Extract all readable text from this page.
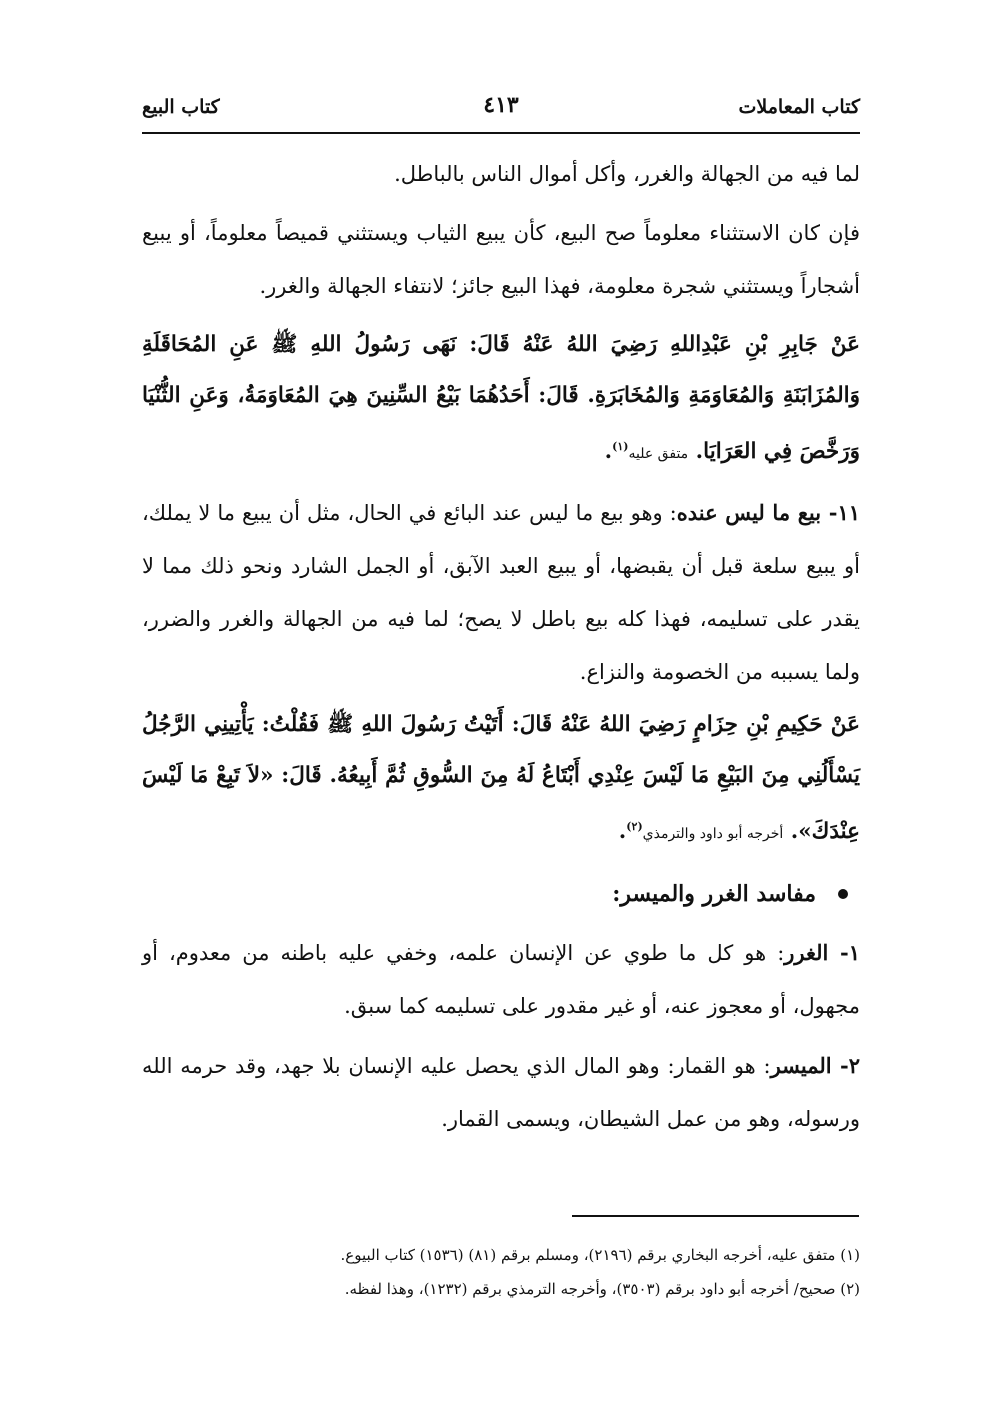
كتاب المعاملات
٤١٣
كتاب البيع

لما فيه من الجهالة والغرر، وأكل أموال الناس بالباطل.

فإن كان الاستثناء معلوماً صح البيع، كأن يبيع الثياب ويستثني قميصاً معلوماً، أو يبيع أشجاراً ويستثني شجرة معلومة، فهذا البيع جائز؛ لانتفاء الجهالة والغرر.

عَنْ جَابِرِ بْنِ عَبْدِاللهِ رَضِيَ اللهُ عَنْهُ قَالَ: نَهَى رَسُولُ اللهِ ﷺ عَنِ المُحَاقَلَةِ وَالمُزَابَنَةِ وَالمُعَاوَمَةِ وَالمُخَابَرَةِ. قَالَ: أَحَدُهُمَا بَيْعُ السِّنِينَ هِيَ المُعَاوَمَةُ، وَعَنِ الثُّنْيَا وَرَخَّصَ فِي العَرَايَا. متفق عليه$^{(١)}$.

١١- بيع ما ليس عنده: وهو بيع ما ليس عند البائع في الحال، مثل أن يبيع ما لا يملك، أو يبيع سلعة قبل أن يقبضها، أو يبيع العبد الآبق، أو الجمل الشارد ونحو ذلك مما لا يقدر على تسليمه، فهذا كله بيع باطل لا يصح؛ لما فيه من الجهالة والغرر والضرر، ولما يسببه من الخصومة والنزاع.

عَنْ حَكِيمِ بْنِ حِزَامٍ رَضِيَ اللهُ عَنْهُ قَالَ: أَتَيْتُ رَسُولَ اللهِ ﷺ فَقُلْتُ: يَأْتِينِي الرَّجُلُ يَسْأَلُنِي مِنَ البَيْعِ مَا لَيْسَ عِنْدِي أَبْتَاعُ لَهُ مِنَ السُّوقِ ثُمَّ أَبِيعُهُ. قَالَ: «لاَ تَبِعْ مَا لَيْسَ عِنْدَكَ». أخرجه أبو داود والترمذي$^{(٢)}$.

مفاسد الغرر والميسر:

١- الغرر: هو كل ما طوي عن الإنسان علمه، وخفي عليه باطنه من معدوم، أو مجهول، أو معجوز عنه، أو غير مقدور على تسليمه كما سبق.

٢- الميسر: هو القمار: وهو المال الذي يحصل عليه الإنسان بلا جهد، وقد حرمه الله ورسوله، وهو من عمل الشيطان، ويسمى القمار.

(١) متفق عليه، أخرجه البخاري برقم (٢١٩٦)، ومسلم برقم (٨١) (١٥٣٦) كتاب البيوع.
(٢) صحيح/ أخرجه أبو داود برقم (٣٥٠٣)، وأخرجه الترمذي برقم (١٢٣٢)، وهذا لفظه.
